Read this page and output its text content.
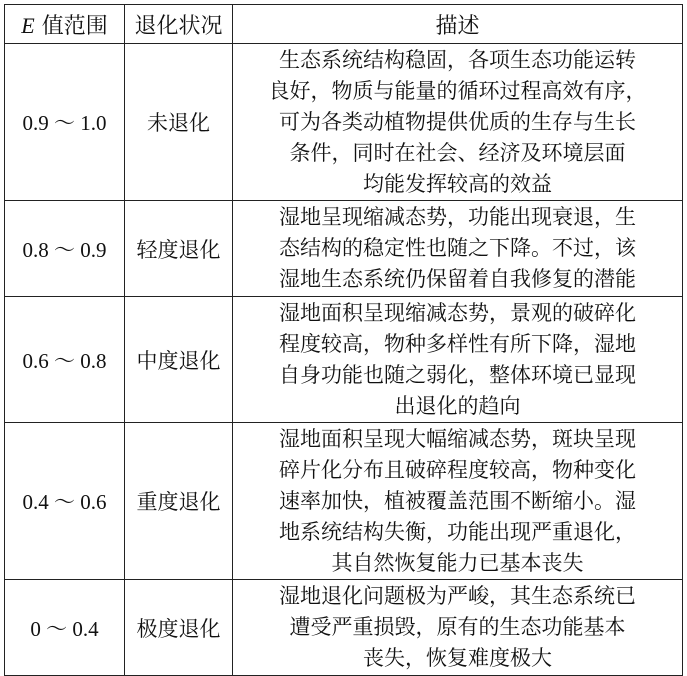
E 值范围	退化状况	描述
0.9 ～ 1.0	未退化	生态系统结构稳固，各项生态功能运转
良好，物质与能量的循环过程高效有序，
可为各类动植物提供优质的生存与生长
条件，同时在社会、经济及环境层面
均能发挥较高的效益

0.8 ～ 0.9	轻度退化	湿地呈现缩减态势，功能出现衰退，生
态结构的稳定性也随之下降。不过，该
湿地生态系统仍保留着自我修复的潜能

0.6 ～ 0.8	中度退化	湿地面积呈现缩减态势，景观的破碎化
程度较高，物种多样性有所下降，湿地
自身功能也随之弱化，整体环境已显现
出退化的趋向

0.4 ～ 0.6	重度退化	湿地面积呈现大幅缩减态势，斑块呈现
碎片化分布且破碎程度较高，物种变化
速率加快，植被覆盖范围不断缩小。湿
地系统结构失衡，功能出现严重退化，
其自然恢复能力已基本丧失

0 ～ 0.4	极度退化	湿地退化问题极为严峻，其生态系统已
遭受严重损毁，原有的生态功能基本
丧失，恢复难度极大
